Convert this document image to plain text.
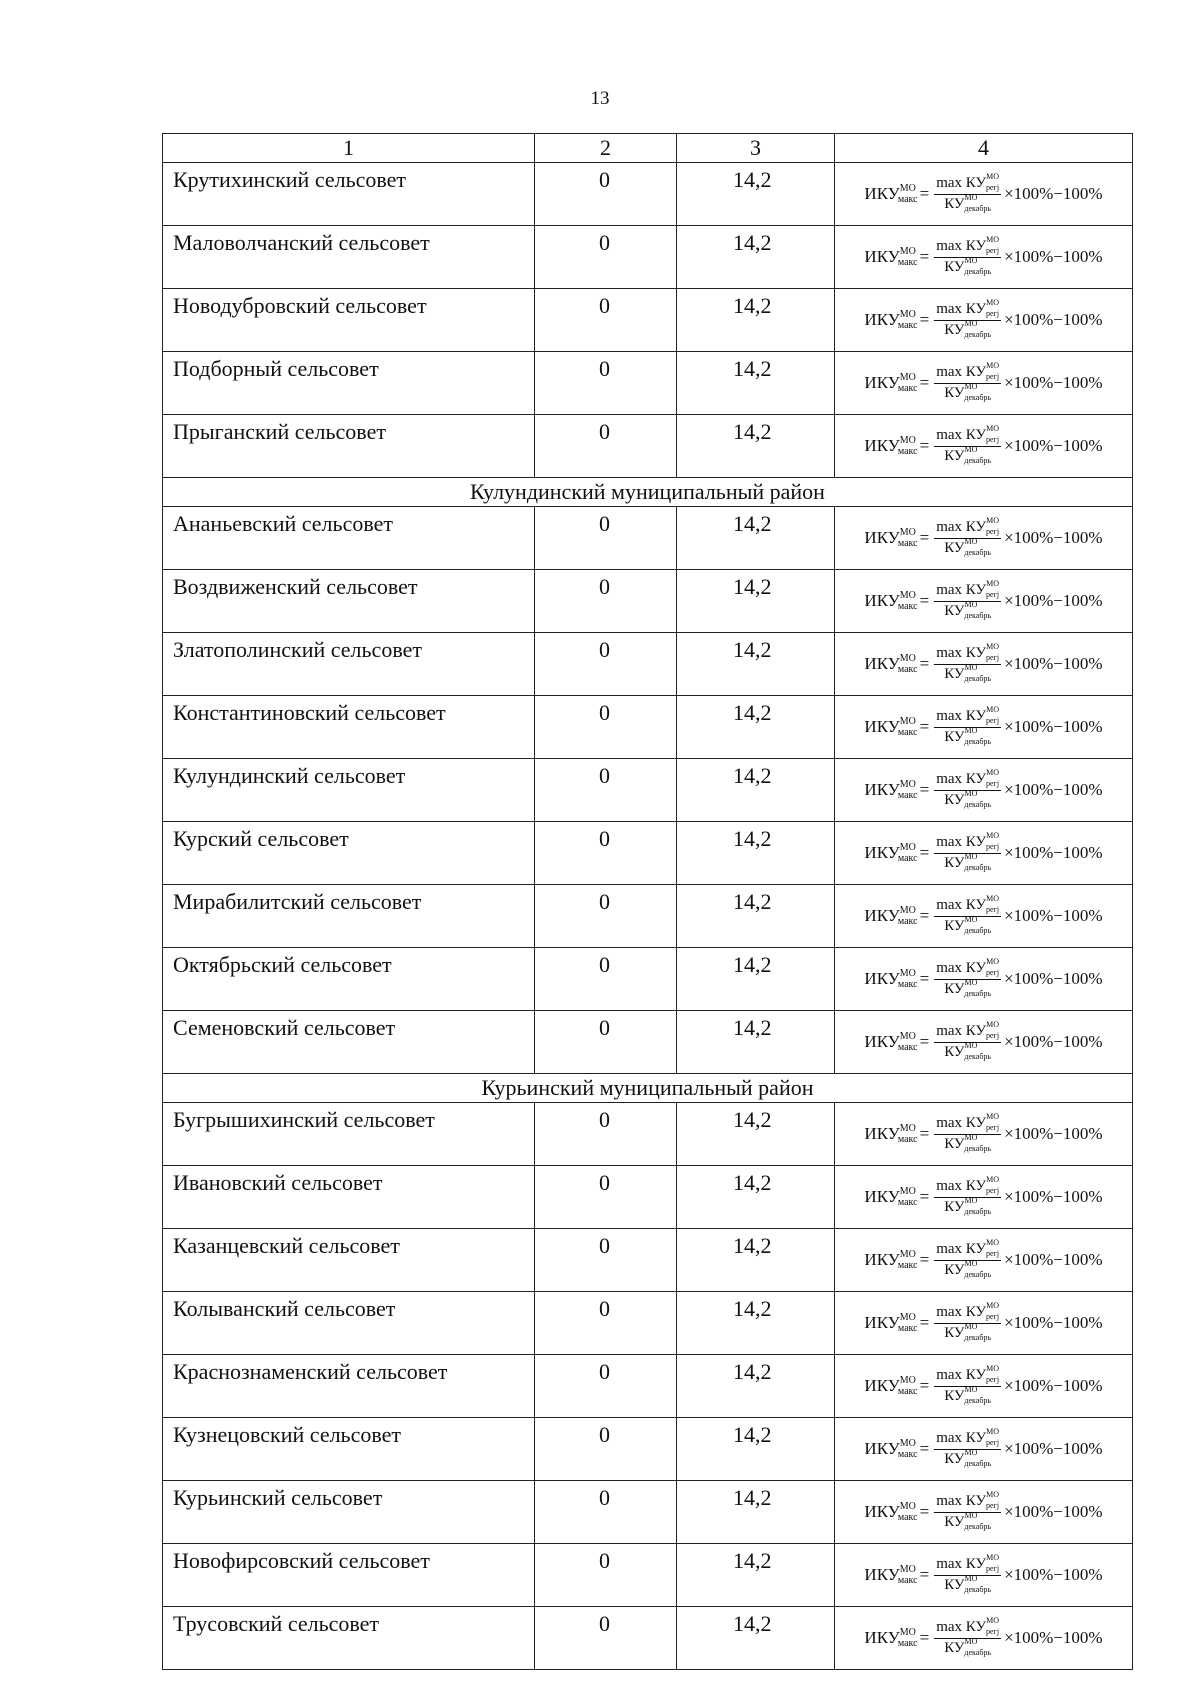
13
1	2	3	4
Крутихинский сельсовет	0	14,2	$ИКУ^{МО}макс = \frac{\max КУ^{МО}_{регј}}{КУ^{МО}_{декабрь}} \times 100\%-100\%$

Маловолчанский сельсовет	0	14,2	$ИКУ^{МО}макс = \frac{\max КУ^{МО}_{регј}}{КУ^{МО}_{декабрь}} \times 100\%-100\%$

Новодубровский сельсовет	0	14,2	$ИКУ^{МО}макс = \frac{\max КУ^{МО}_{регј}}{КУ^{МО}_{декабрь}} \times 100\%-100\%$

Подборный сельсовет	0	14,2	$ИКУ^{МО}макс = \frac{\max КУ^{МО}_{регј}}{КУ^{МО}_{декабрь}} \times 100\%-100\%$

Прыганский сельсовет	0	14,2	$ИКУ^{МО}макс = \frac{\max КУ^{МО}_{регј}}{КУ^{МО}_{декабрь}} \times 100\%-100\%$

Кулундинский муниципальный район			
Ананьевский сельсовет	0	14,2	$ИКУ^{МО}макс = \frac{\max КУ^{МО}_{регј}}{КУ^{МО}_{декабрь}} \times 100\%-100\%$

Воздвиженский сельсовет	0	14,2	$ИКУ^{МО}макс = \frac{\max КУ^{МО}_{регј}}{КУ^{МО}_{декабрь}} \times 100\%-100\%$

Златополинский сельсовет	0	14,2	$ИКУ^{МО}макс = \frac{\max КУ^{МО}_{регј}}{КУ^{МО}_{декабрь}} \times 100\%-100\%$

Константиновский сельсовет	0	14,2	$ИКУ^{МО}макс = \frac{\max КУ^{МО}_{регј}}{КУ^{МО}_{декабрь}} \times 100\%-100\%$

Кулундинский сельсовет	0	14,2	$ИКУ^{МО}макс = \frac{\max КУ^{МО}_{регј}}{КУ^{МО}_{декабрь}} \times 100\%-100\%$

Курский сельсовет	0	14,2	$ИКУ^{МО}макс = \frac{\max КУ^{МО}_{регј}}{КУ^{МО}_{декабрь}} \times 100\%-100\%$

Мирабилитский сельсовет	0	14,2	$ИКУ^{МО}макс = \frac{\max КУ^{МО}_{регј}}{КУ^{МО}_{декабрь}} \times 100\%-100\%$

Октябрьский сельсовет	0	14,2	$ИКУ^{МО}макс = \frac{\max КУ^{МО}_{регј}}{КУ^{МО}_{декабрь}} \times 100\%-100\%$

Семеновский сельсовет	0	14,2	$ИКУ^{МО}макс = \frac{\max КУ^{МО}_{регј}}{КУ^{МО}_{декабрь}} \times 100\%-100\%$

Курьинский муниципальный район			
Бугрышихинский сельсовет	0	14,2	$ИКУ^{МО}макс = \frac{\max КУ^{МО}_{регј}}{КУ^{МО}_{декабрь}} \times 100\%-100\%$

Ивановский сельсовет	0	14,2	$ИКУ^{МО}макс = \frac{\max КУ^{МО}_{регј}}{КУ^{МО}_{декабрь}} \times 100\%-100\%$

Казанцевский сельсовет	0	14,2	$ИКУ^{МО}макс = \frac{\max КУ^{МО}_{регј}}{КУ^{МО}_{декабрь}} \times 100\%-100\%$

Колыванский сельсовет	0	14,2	$ИКУ^{МО}макс = \frac{\max КУ^{МО}_{регј}}{КУ^{МО}_{декабрь}} \times 100\%-100\%$

Краснознаменский сельсовет	0	14,2	$ИКУ^{МО}макс = \frac{\max КУ^{МО}_{регј}}{КУ^{МО}_{декабрь}} \times 100\%-100\%$

Кузнецовский сельсовет	0	14,2	$ИКУ^{МО}макс = \frac{\max КУ^{МО}_{регј}}{КУ^{МО}_{декабрь}} \times 100\%-100\%$

Курьинский сельсовет	0	14,2	$ИКУ^{МО}макс = \frac{\max КУ^{МО}_{регј}}{КУ^{МО}_{декабрь}} \times 100\%-100\%$

Новофирсовский сельсовет	0	14,2	$ИКУ^{МО}макс = \frac{\max КУ^{МО}_{регј}}{КУ^{МО}_{декабрь}} \times 100\%-100\%$

Трусовский сельсовет	0	14,2	$ИКУ^{МО}макс = \frac{\max КУ^{МО}_{регј}}{КУ^{МО}_{декабрь}} \times 100\%-100\%$
